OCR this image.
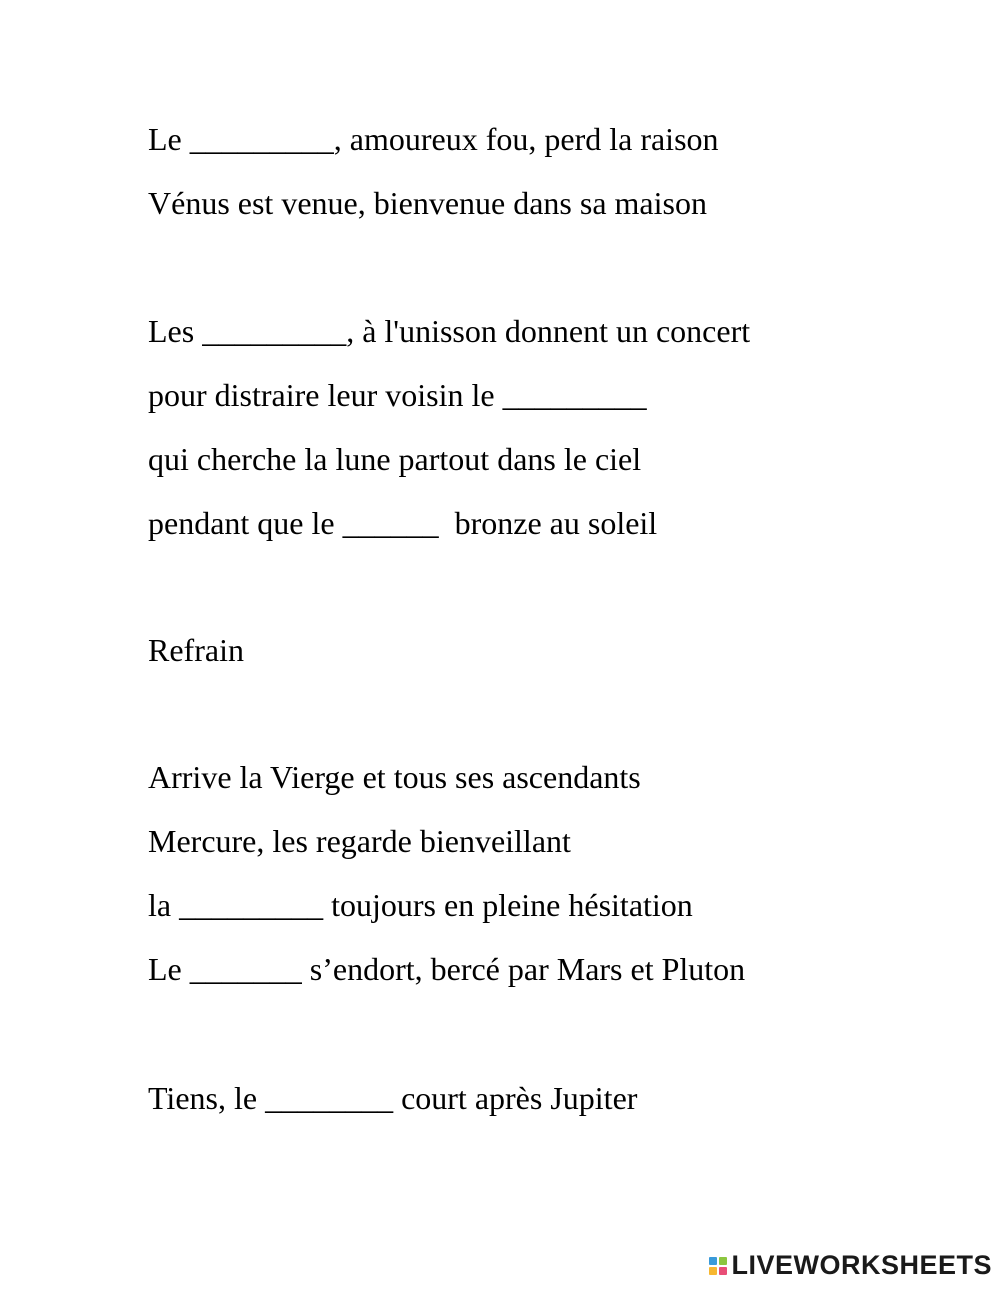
Le _________, amoureux fou, perd la raison

Vénus est venue, bienvenue dans sa maison

Les _________, à l'unisson donnent un concert

pour distraire leur voisin le _________

qui cherche la lune partout dans le ciel

pendant que le ______  bronze au soleil

Refrain

Arrive la Vierge et tous ses ascendants

Mercure, les regarde bienveillant

la _________ toujours en pleine hésitation

Le _______ s’endort, bercé par Mars et Pluton

Tiens, le ________ court après Jupiter

LIVEWORKSHEETS
